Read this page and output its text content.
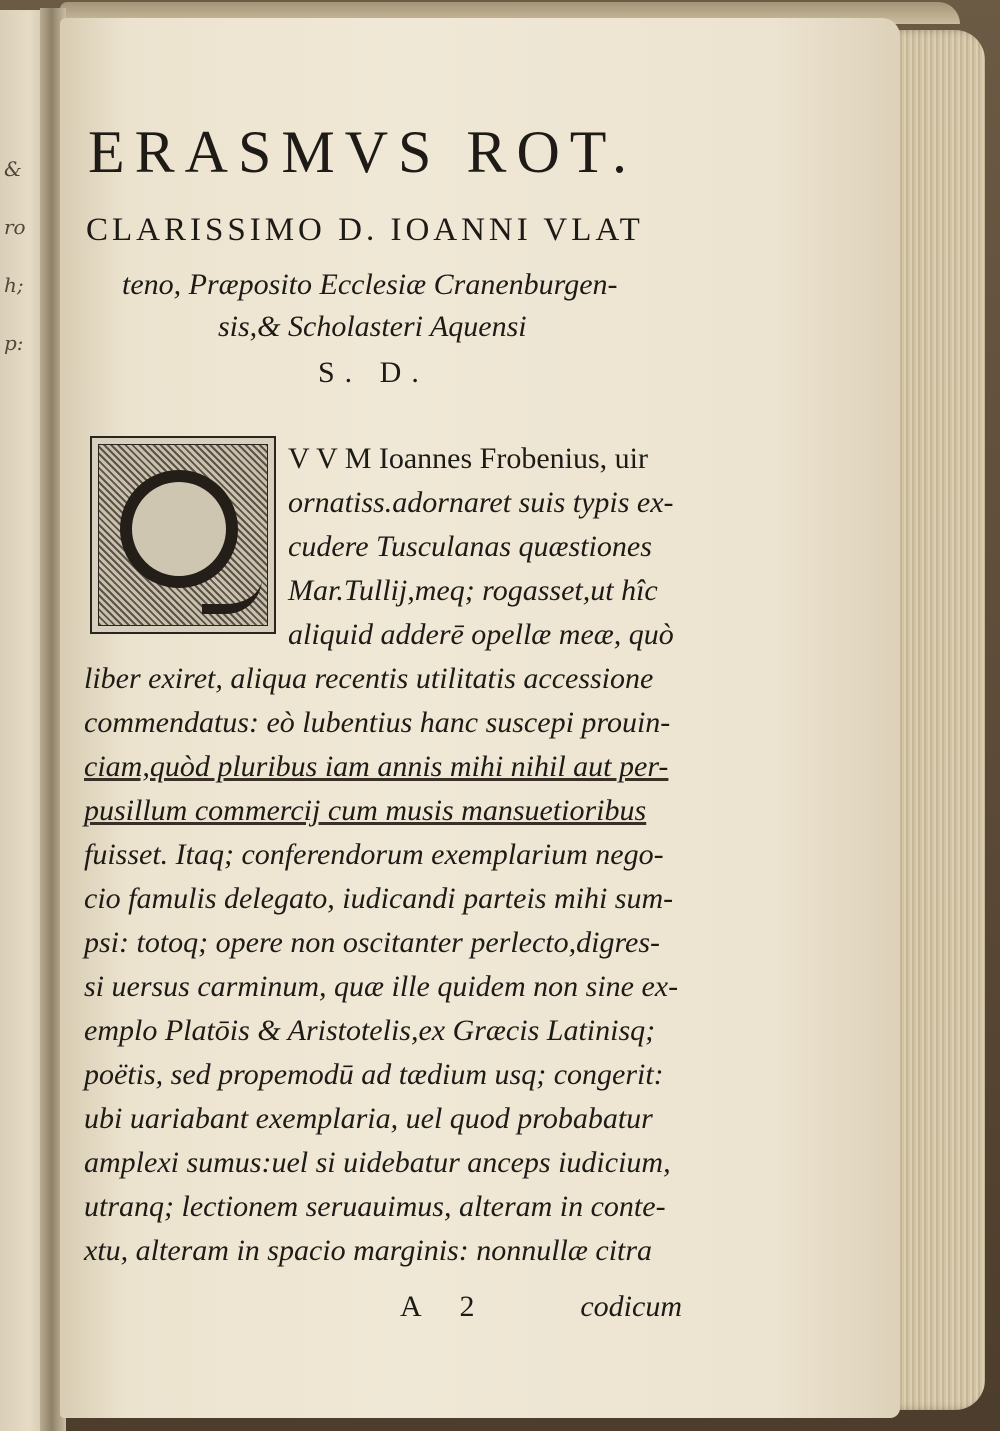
&
ro
h;
p:
ERASMVS ROT.
CLARISSIMO D. IOANNI VLAT
teno, Præposito Ecclesiæ Cranenburgen-
sis,& Scholasteri Aquensi
S. D.
V V M Ioannes Frobenius, uir
ornatiss.adornaret suis typis ex-
cudere Tusculanas quæstiones
Mar.Tullij,meq; rogasset,ut hîc
aliquid adderē opellæ meæ, quò
liber exiret, aliqua recentis utilitatis accessione
commendatus: eò lubentius hanc suscepi prouin-
ciam,quòd pluribus iam annis mihi nihil aut per-
pusillum commercij cum musis mansuetioribus
fuisset. Itaq; conferendorum exemplarium nego-
cio famulis delegato, iudicandi parteis mihi sum-
psi: totoq; opere non oscitanter perlecto,digres-
si uersus carminum, quæ ille quidem non sine ex-
emplo Platōis & Aristotelis,ex Græcis Latinisq;
poëtis, sed propemodū ad tædium usq; congerit:
ubi uariabant exemplaria, uel quod probabatur
amplexi sumus:uel si uidebatur anceps iudicium,
utranq; lectionem seruauimus, alteram in conte-
xtu, alteram in spacio marginis: nonnullæ citra
A 2	codicum
